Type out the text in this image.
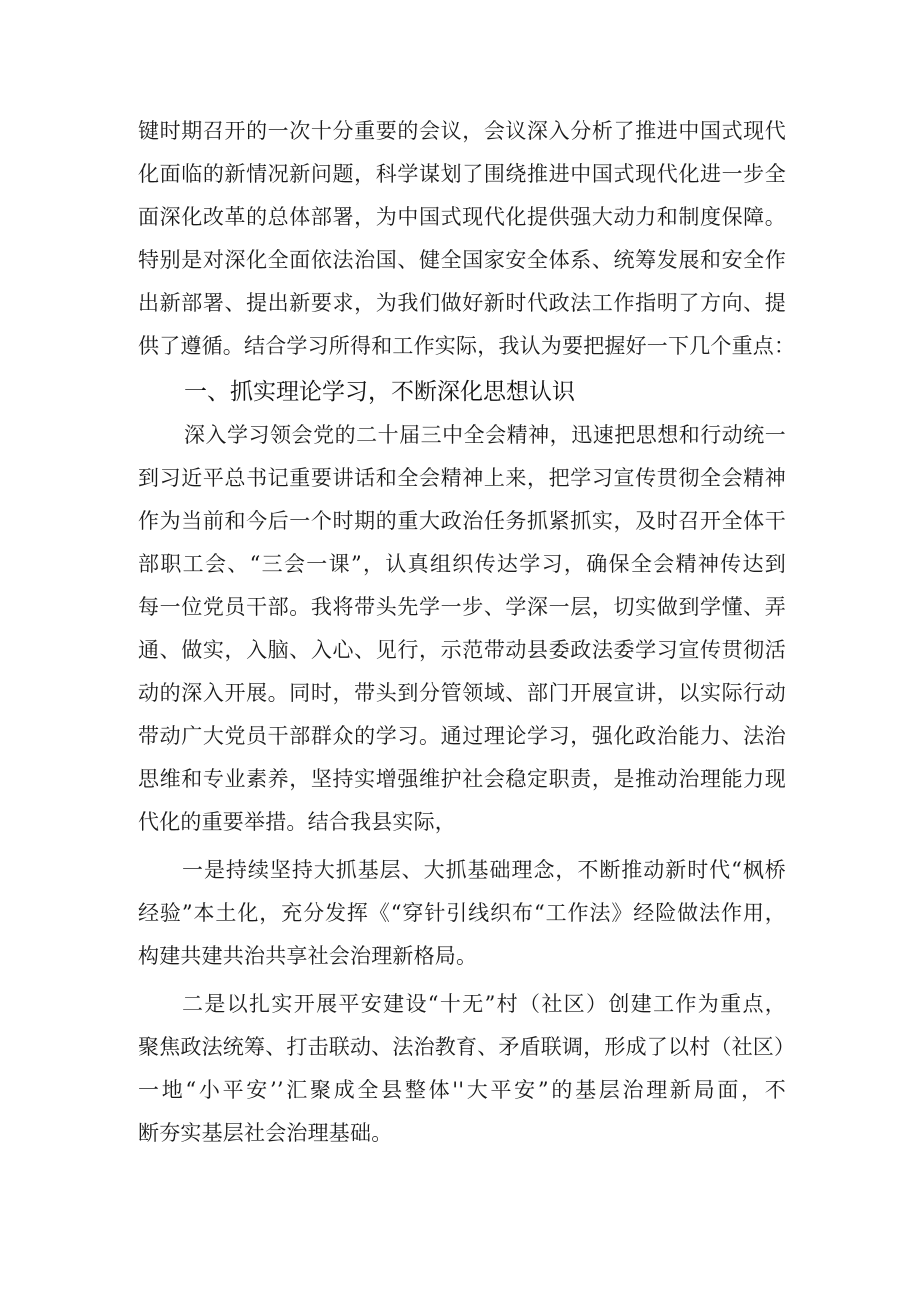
键时期召开的一次十分重要的会议，会议深入分析了推进中国式现代
化面临的新情况新问题，科学谋划了围绕推进中国式现代化进一步全
面深化改革的总体部署，为中国式现代化提供强大动力和制度保障。
特别是对深化全面依法治国、健全国家安全体系、统筹发展和安全作
出新部署、提出新要求，为我们做好新时代政法工作指明了方向、提
供了遵循。结合学习所得和工作实际，我认为要把握好一下几个重点：
一、抓实理论学习，不断深化思想认识
深入学习领会党的二十届三中全会精神，迅速把思想和行动统一
到习近平总书记重要讲话和全会精神上来，把学习宣传贯彻全会精神
作为当前和今后一个时期的重大政治任务抓紧抓实，及时召开全体干
部职工会、“三会一课”，认真组织传达学习，确保全会精神传达到
每一位党员干部。我将带头先学一步、学深一层，切实做到学懂、弄
通、做实，入脑、入心、见行，示范带动县委政法委学习宣传贯彻活
动的深入开展。同时，带头到分管领域、部门开展宣讲，以实际行动
带动广大党员干部群众的学习。通过理论学习，强化政治能力、法治
思维和专业素养，坚持实增强维护社会稳定职责，是推动治理能力现
代化的重要举措。结合我县实际，
一是持续坚持大抓基层、大抓基础理念，不断推动新时代“枫桥
经验”本土化，充分发挥《“穿针引线织布“工作法》经险做法作用，
构建共建共治共享社会治理新格局。
二是以扎实开展平安建设“十无”村（社区）创建工作为重点，
聚焦政法统筹、打击联动、法治教育、矛盾联调，形成了以村（社区）
一地“小平安’’汇聚成全县整体''大平安”的基层治理新局面，不
断夯实基层社会治理基础。
